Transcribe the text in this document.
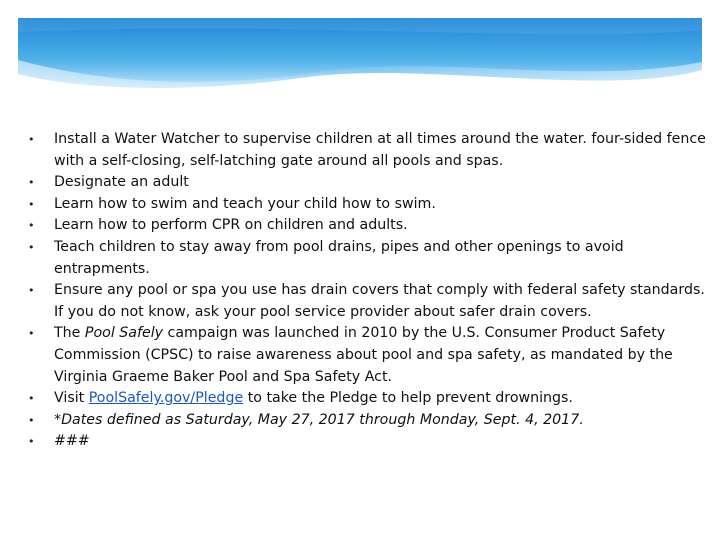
• Install a Water Watcher to supervise children at all times around the water. four-sided fence with a self-closing, self-latching gate around all pools and spas.
• Designate an adult
• Learn how to swim and teach your child how to swim.
• Learn how to perform CPR on children and adults.
• Teach children to stay away from pool drains, pipes and other openings to avoid entrapments.
• Ensure any pool or spa you use has drain covers that comply with federal safety standards. If you do not know, ask your pool service provider about safer drain covers.
• The Pool Safely campaign was launched in 2010 by the U.S. Consumer Product Safety Commission (CPSC) to raise awareness about pool and spa safety, as mandated by the Virginia Graeme Baker Pool and Spa Safety Act.
• Visit PoolSafely.gov/Pledge to take the Pledge to help prevent drownings.
• *Dates defined as Saturday, May 27, 2017 through Monday, Sept. 4, 2017.
• ###
